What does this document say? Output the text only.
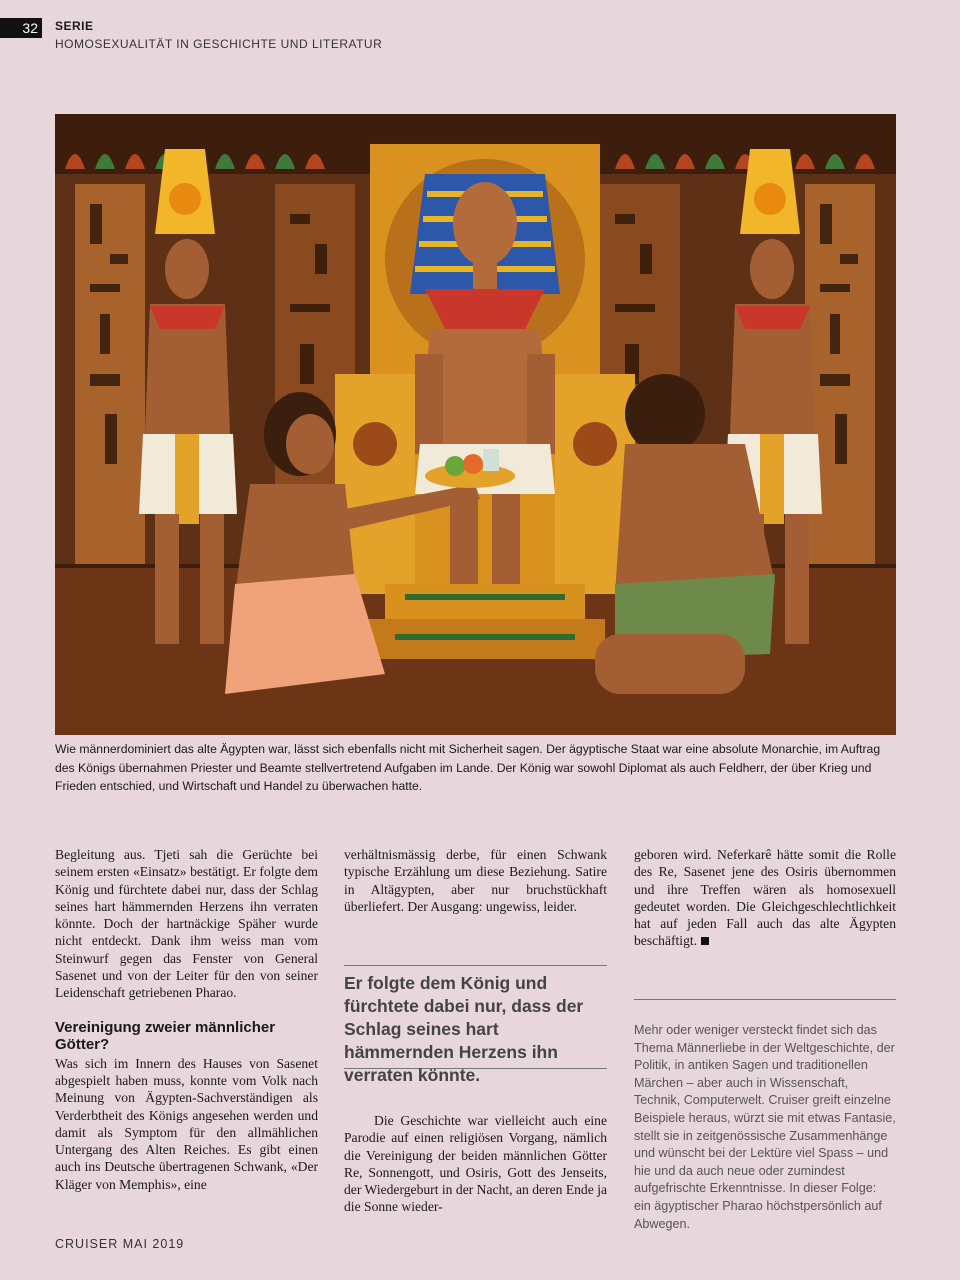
32	SERIE
HOMOSEXUALITÄT IN GESCHICHTE UND LITERATUR
Wie männerdominiert das alte Ägypten war, lässt sich ebenfalls nicht mit Sicherheit sagen. Der ägyptische Staat war eine absolute Monarchie, im Auftrag des Königs übernahmen Priester und Beamte stellvertretend Aufgaben im Lande. Der König war sowohl Diplomat als auch Feldherr, der über Krieg und Frieden entschied, und Wirtschaft und Handel zu überwachen hatte.

Begleitung aus. Tjeti sah die Gerüchte bei seinem ersten «Einsatz» bestätigt. Er folgte dem König und fürchtete dabei nur, dass der Schlag seines hart hämmernden Herzens ihn verraten könnte. Doch der hartnäckige Späher wurde nicht entdeckt. Dank ihm weiss man vom Steinwurf gegen das Fenster von General Sasenet und von der Leiter für den von seiner Leidenschaft getriebenen Pharao.

Vereinigung zweier männlicher Götter?

Was sich im Innern des Hauses von Sasenet abgespielt haben muss, konnte vom Volk nach Meinung von Ägypten-Sachverständigen als Verderbtheit des Königs angesehen werden und damit als Symptom für den allmählichen Untergang des Alten Reiches. Es gibt einen auch ins Deutsche übertragenen Schwank, «Der Kläger von Memphis», eine

verhältnismässig derbe, für einen Schwank typische Erzählung um diese Beziehung. Satire in Altägypten, aber nur bruchstückhaft überliefert. Der Ausgang: ungewiss, leider.

Er folgte dem König und fürchtete dabei nur, dass der Schlag seines hart hämmernden Herzens ihn verraten könnte.

Die Geschichte war vielleicht auch eine Parodie auf einen religiösen Vorgang, nämlich die Vereinigung der beiden männlichen Götter Re, Sonnengott, und Osiris, Gott des Jenseits, der Wiedergeburt in der Nacht, an deren Ende ja die Sonne wieder-

geboren wird. Neferkarê hätte somit die Rolle des Re, Sasenet jene des Osiris übernommen und ihre Treffen wären als homosexuell gedeutet worden. Die Gleichgeschlechtlichkeit hat auf jeden Fall auch das alte Ägypten beschäftigt.

Mehr oder weniger versteckt findet sich das Thema Männerliebe in der Weltgeschichte, der Politik, in antiken Sagen und traditionellen Märchen – aber auch in Wissenschaft, Technik, Computerwelt. Cruiser greift einzelne Beispiele heraus, würzt sie mit etwas Fantasie, stellt sie in zeitgenössische Zusammenhänge und wünscht bei der Lektüre viel Spass – und hie und da auch neue oder zumindest aufgefrischte Erkenntnisse. In dieser Folge: ein ägyptischer Pharao höchstpersönlich auf Abwegen.
CRUISER MAI 2019
